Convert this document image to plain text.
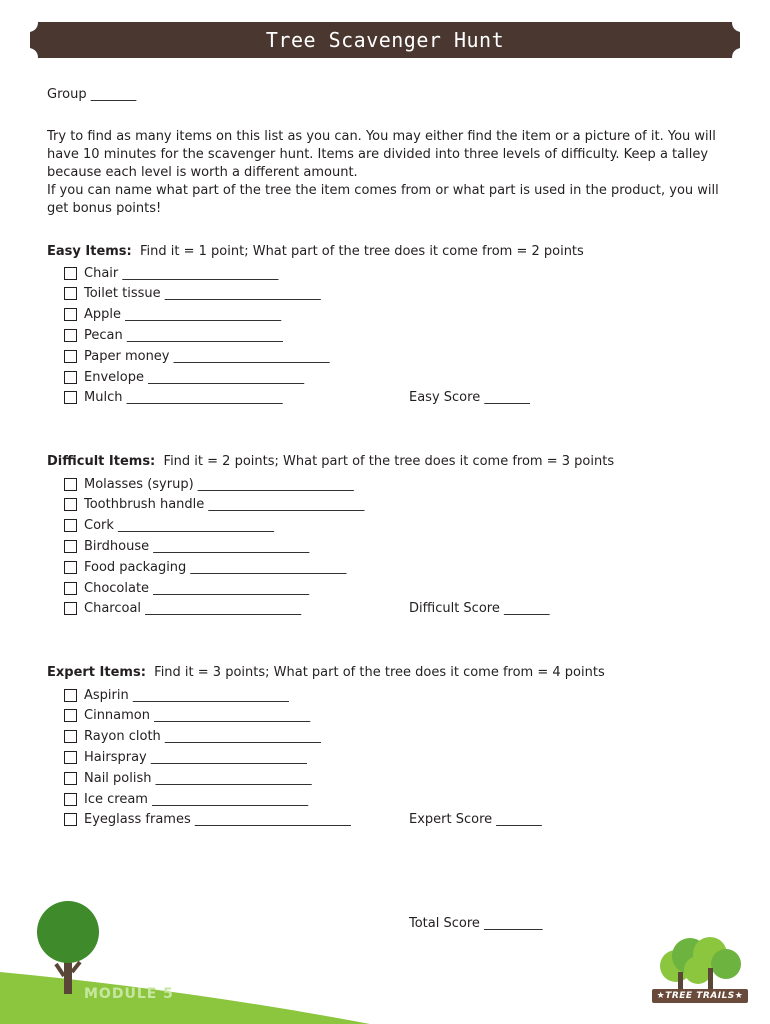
Tree Scavenger Hunt
Group _______
Try to find as many items on this list as you can. You may either find the item or a picture of it. You will have 10 minutes for the scavenger hunt. Items are divided into three levels of difficulty. Keep a talley because each level is worth a different amount.
If you can name what part of the tree the item comes from or what part is used in the product, you will get bonus points!
Easy Items: Find it = 1 point; What part of the tree does it come from = 2 points
Chair ________________________
Toilet tissue ________________________
Apple ________________________
Pecan ________________________
Paper money ________________________
Envelope ________________________
Mulch ________________________	Easy Score _______
Difficult Items: Find it = 2 points; What part of the tree does it come from = 3 points
Molasses (syrup) ________________________
Toothbrush handle ________________________
Cork ________________________
Birdhouse ________________________
Food packaging ________________________
Chocolate ________________________
Charcoal ________________________	Difficult Score _______
Expert Items: Find it = 3 points; What part of the tree does it come from = 4 points
Aspirin ________________________
Cinnamon ________________________
Rayon cloth ________________________
Hairspray ________________________
Nail polish ________________________
Ice cream ________________________
Eyeglass frames ________________________	Expert Score _______
Total Score _________
MODULE 5	★TREE TRAILS★
